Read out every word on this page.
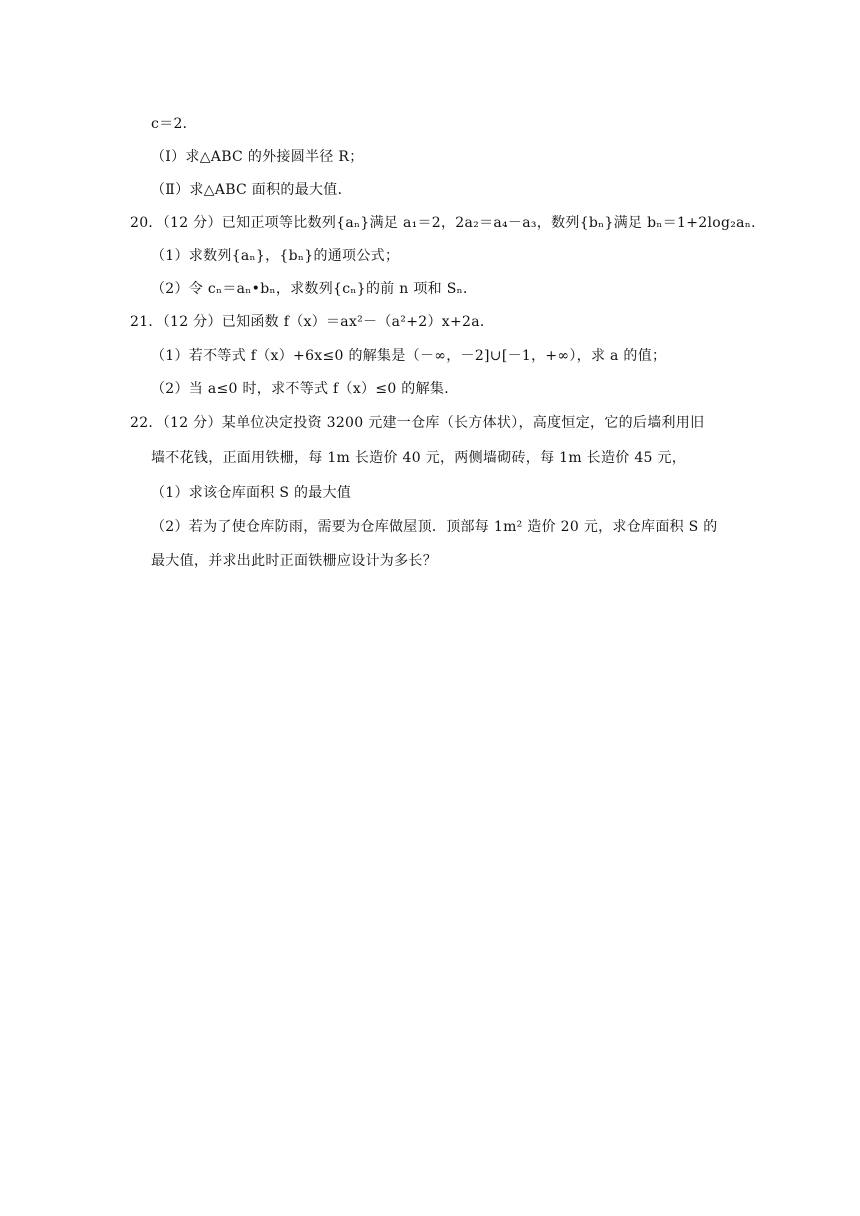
c＝2．
（Ⅰ）求△ABC 的外接圆半径 R；
（Ⅱ）求△ABC 面积的最大值．
20．（12 分）已知正项等比数列{aₙ}满足 a₁＝2，2a₂＝a₄－a₃，数列{bₙ}满足 bₙ＝1+2log₂aₙ．
（1）求数列{aₙ}，{bₙ}的通项公式；
（2）令 cₙ＝aₙ•bₙ，求数列{cₙ}的前 n 项和 Sₙ．
21．（12 分）已知函数 f（x）＝ax²－（a²+2）x+2a．
（1）若不等式 f（x）+6x≤0 的解集是（－∞，－2]∪[－1，+∞），求 a 的值；
（2）当 a≤0 时，求不等式 f（x）≤0 的解集．
22．（12 分）某单位决定投资 3200 元建一仓库（长方体状），高度恒定，它的后墙利用旧
墙不花钱，正面用铁栅，每 1m 长造价 40 元，两侧墙砌砖，每 1m 长造价 45 元，
（1）求该仓库面积 S 的最大值
（2）若为了使仓库防雨，需要为仓库做屋顶．顶部每 1m² 造价 20 元，求仓库面积 S 的
最大值，并求出此时正面铁栅应设计为多长？
